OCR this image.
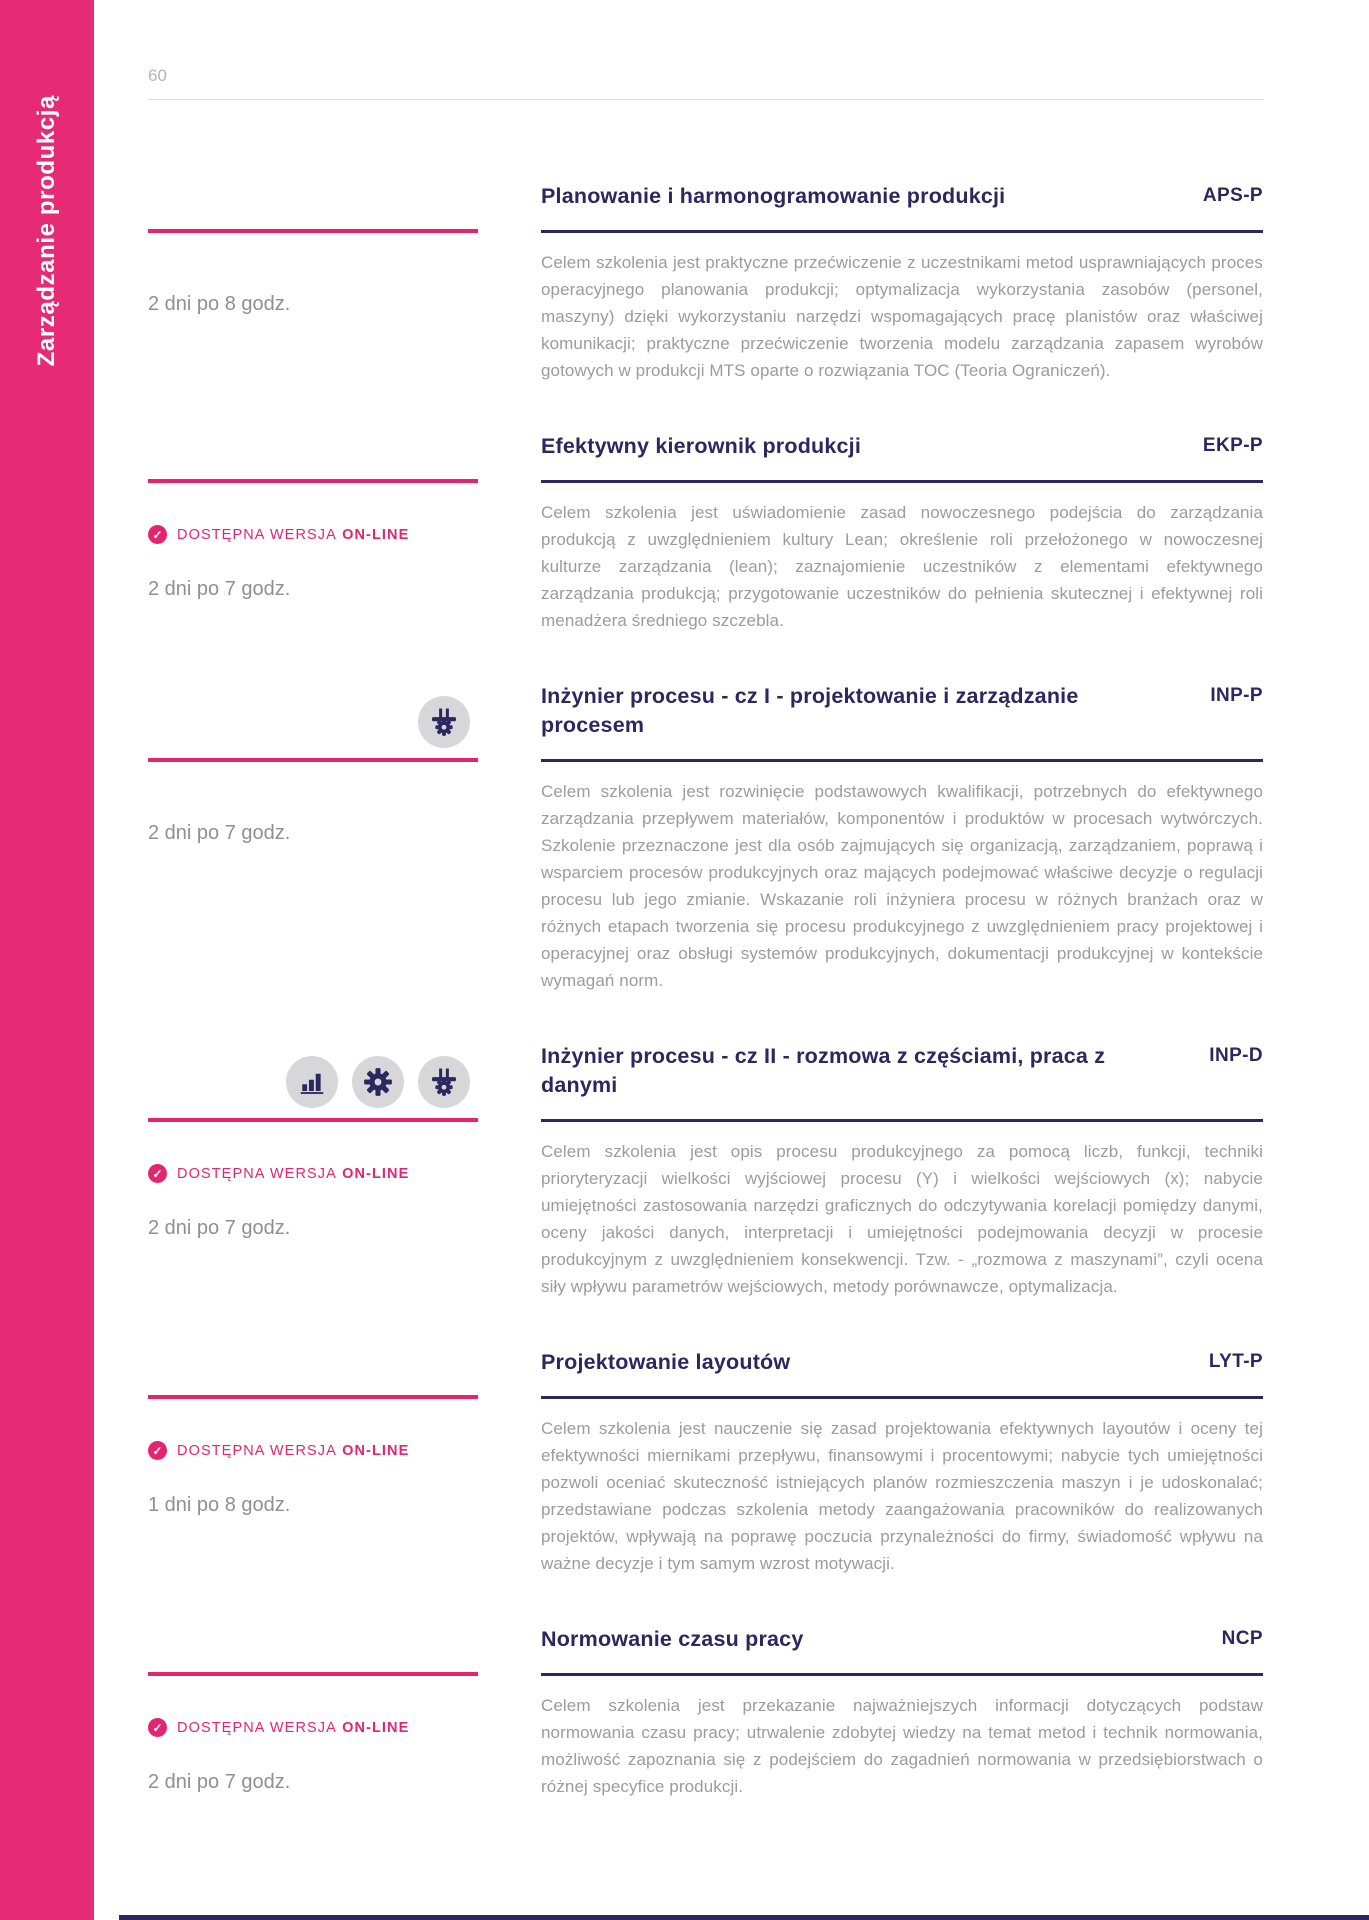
Zarządzanie produkcją
60
Planowanie i harmonogramowanie produkcji	APS-P
2 dni po 8 godz.

Celem szkolenia jest praktyczne przećwiczenie z uczestnikami metod usprawniających proces operacyjnego planowania produkcji; optymalizacja wykorzystania zasobów (personel, maszyny) dzięki wykorzystaniu narzędzi wspomagających pracę planistów oraz właściwej komunikacji; praktyczne przećwiczenie tworzenia modelu zarządzania zapasem wyrobów gotowych w produkcji MTS oparte o rozwiązania TOC (Teoria Ograniczeń).

Efektywny kierownik produkcji	EKP-P
✓ DOSTĘPNA WERSJA ON-LINE
2 dni po 7 godz.

Celem szkolenia jest uświadomienie zasad nowoczesnego podejścia do zarządzania produkcją z uwzględnieniem kultury Lean; określenie roli przełożonego w nowoczesnej kulturze zarządzania (lean); zaznajomienie uczestników z elementami efektywnego zarządzania produkcją; przygotowanie uczestników do pełnienia skutecznej i efektywnej roli menadżera średniego szczebla.

Inżynier procesu - cz I - projektowanie i zarządzanie procesem
INP-P
2 dni po 7 godz.

Celem szkolenia jest rozwinięcie podstawowych kwalifikacji, potrzebnych do efektywnego zarządzania przepływem materiałów, komponentów i produktów w procesach wytwórczych. Szkolenie przeznaczone jest dla osób zajmujących się organizacją, zarządzaniem, poprawą i wsparciem procesów produkcyjnych oraz mających podejmować właściwe decyzje o regulacji procesu lub jego zmianie. Wskazanie roli inżyniera procesu w różnych branżach oraz w różnych etapach tworzenia się procesu produkcyjnego z uwzględnieniem pracy projektowej i operacyjnej oraz obsługi systemów produkcyjnych, dokumentacji produkcyjnej w kontekście wymagań norm.

Inżynier procesu - cz II - rozmowa z częściami, praca z danymi
INP-D
✓ DOSTĘPNA WERSJA ON-LINE
2 dni po 7 godz.

Celem szkolenia jest opis procesu produkcyjnego za pomocą liczb, funkcji, techniki prioryteryzacji wielkości wyjściowej procesu (Y) i wielkości wejściowych (x); nabycie umiejętności zastosowania narzędzi graficznych do odczytywania korelacji pomiędzy danymi, oceny jakości danych, interpretacji i umiejętności podejmowania decyzji w procesie produkcyjnym z uwzględnieniem konsekwencji. Tzw. - „rozmowa z maszynami”, czyli ocena siły wpływu parametrów wejściowych, metody porównawcze, optymalizacja.

Projektowanie layoutów	LYT-P
✓ DOSTĘPNA WERSJA ON-LINE
1 dni po 8 godz.

Celem szkolenia jest nauczenie się zasad projektowania efektywnych layoutów i oceny tej efektywności miernikami przepływu, finansowymi i procentowymi; nabycie tych umiejętności pozwoli oceniać skuteczność istniejących planów rozmieszczenia maszyn i je udoskonalać; przedstawiane podczas szkolenia metody zaangażowania pracowników do realizowanych projektów, wpływają na poprawę poczucia przynależności do firmy, świadomość wpływu na ważne decyzje i tym samym wzrost motywacji.

Normowanie czasu pracy	NCP
✓ DOSTĘPNA WERSJA ON-LINE
2 dni po 7 godz.

Celem szkolenia jest przekazanie najważniejszych informacji dotyczących podstaw normowania czasu pracy; utrwalenie zdobytej wiedzy na temat metod i technik normowania, możliwość zapoznania się z podejściem do zagadnień normowania w przedsiębiorstwach o różnej specyfice produkcji.
